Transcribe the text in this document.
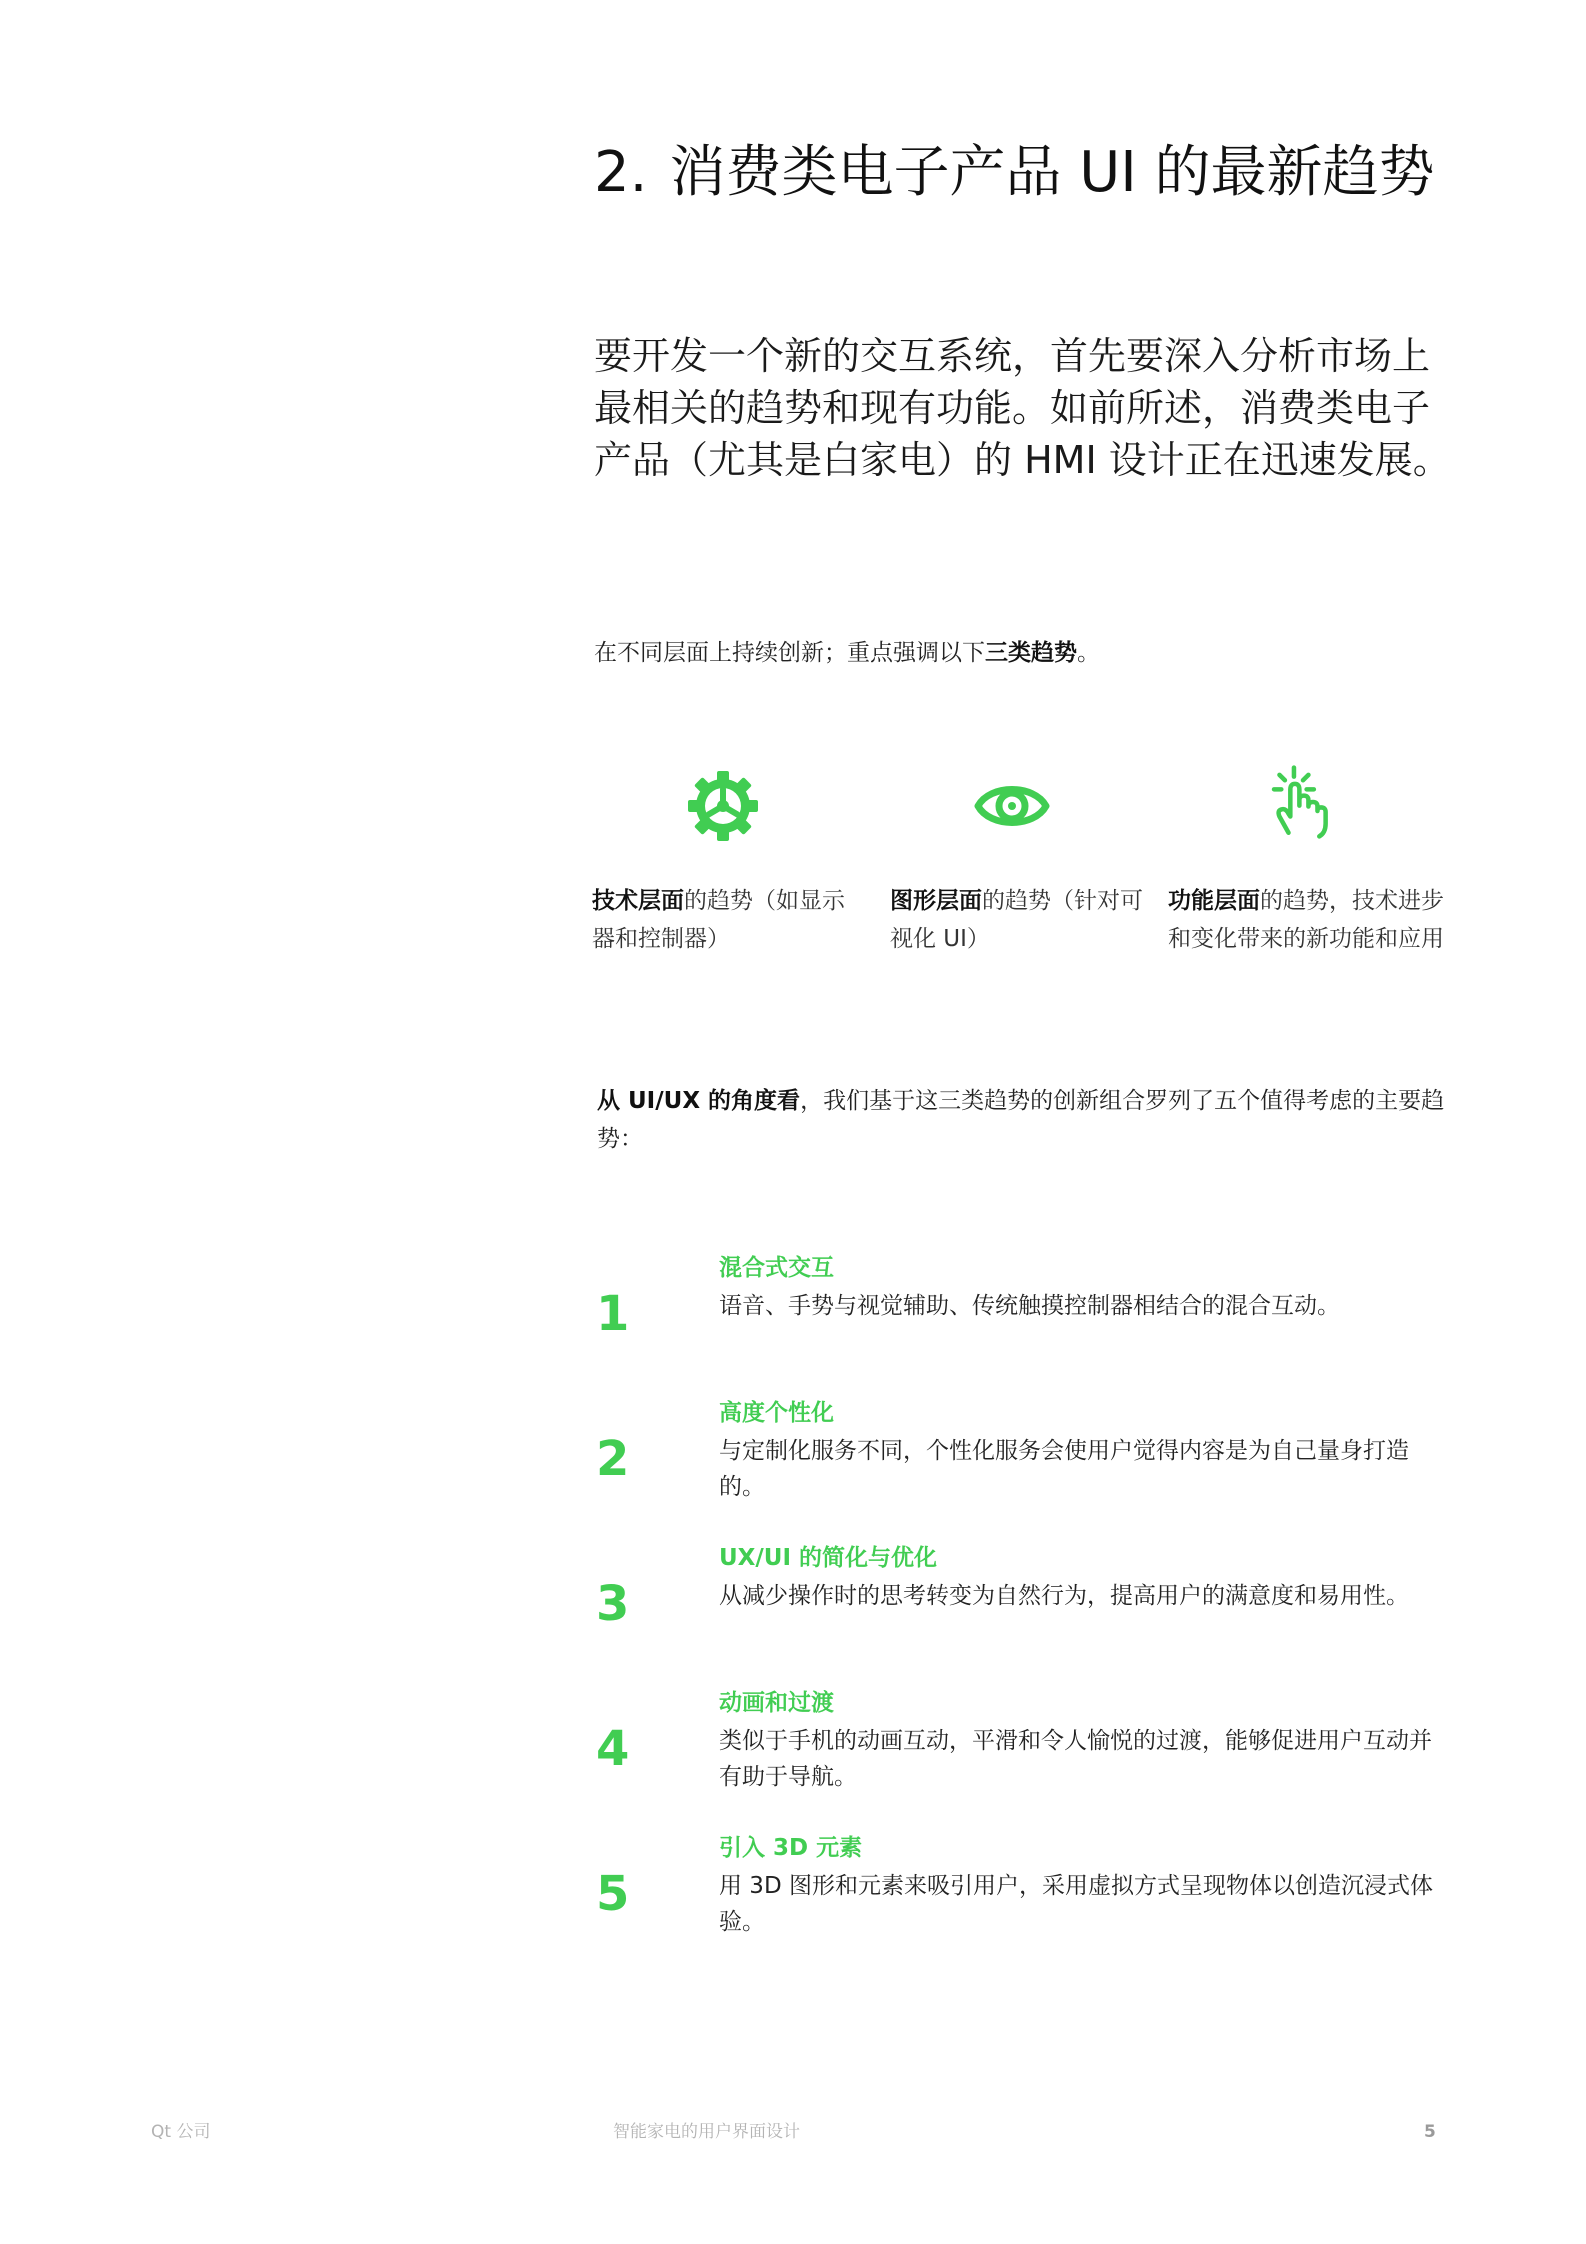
2. 消费类电子产品 UI 的最新趋势

要开发一个新的交互系统，首先要深入分析市场上最相关的趋势和现有功能。如前所述，消费类电子产品（尤其是白家电）的 HMI 设计正在迅速发展。

在不同层面上持续创新；重点强调以下三类趋势。

技术层面的趋势（如显示器和控制器）

图形层面的趋势（针对可视化 UI）

功能层面的趋势，技术进步和变化带来的新功能和应用

从 UI/UX 的角度看，我们基于这三类趋势的创新组合罗列了五个值得考虑的主要趋势：

1
混合式交互

语音、手势与视觉辅助、传统触摸控制器相结合的混合互动。

2
高度个性化

与定制化服务不同，个性化服务会使用户觉得内容是为自己量身打造的。

3
UX/UI 的简化与优化

从减少操作时的思考转变为自然行为，提高用户的满意度和易用性。

4
动画和过渡

类似于手机的动画互动，平滑和令人愉悦的过渡，能够促进用户互动并有助于导航。

5
引入 3D 元素

用 3D 图形和元素来吸引用户，采用虚拟方式呈现物体以创造沉浸式体验。

Qt 公司	智能家电的用户界面设计	5
